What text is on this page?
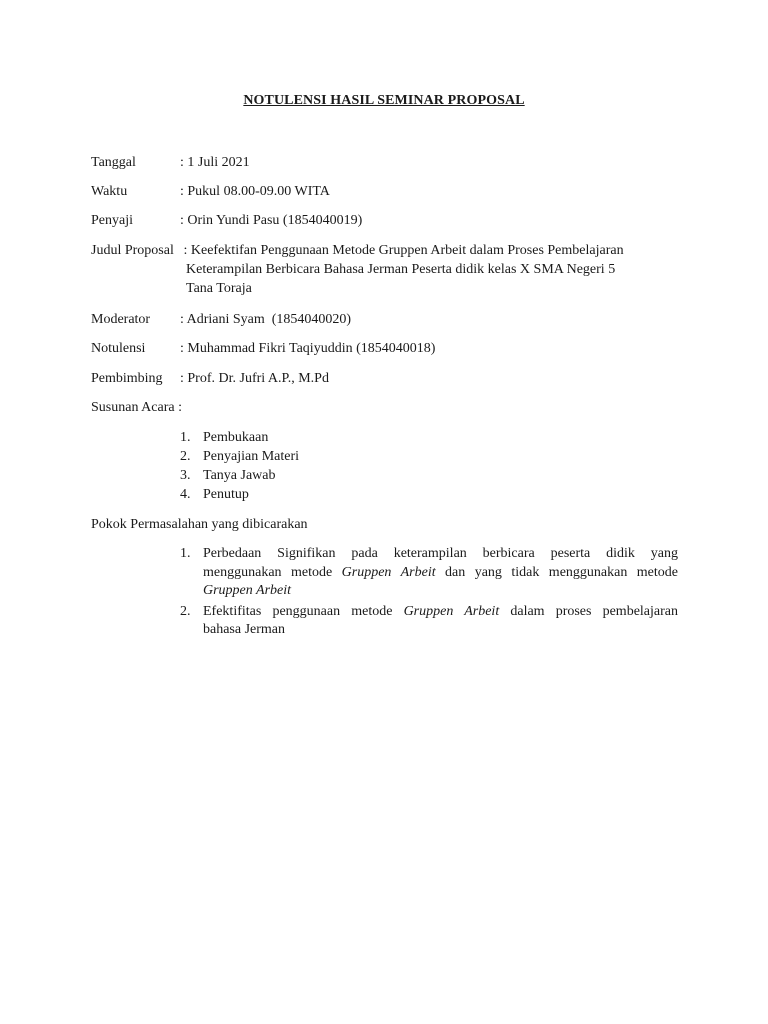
NOTULENSI HASIL SEMINAR PROPOSAL
Tanggal	: 1 Juli 2021
Waktu	: Pukul 08.00-09.00 WITA
Penyaji	: Orin Yundi Pasu (1854040019)
Judul Proposal : Keefektifan Penggunaan Metode Gruppen Arbeit dalam Proses Pembelajaran
Keterampilan Berbicara Bahasa Jerman Peserta didik kelas X SMA Negeri 5
Tana Toraja
Moderator : Adriani Syam  (1854040020)
Notulensi : Muhammad Fikri Taqiyuddin (1854040018)
Pembimbing : Prof. Dr. Jufri A.P., M.Pd
Susunan Acara :
1. Pembukaan
2. Penyajian Materi
3. Tanya Jawab
4. Penutup
Pokok Permasalahan yang dibicarakan
1. Perbedaan Signifikan pada keterampilan berbicara peserta didik yang
menggunakan metode Gruppen Arbeit dan yang tidak menggunakan metode
Gruppen Arbeit
2. Efektifitas penggunaan metode Gruppen Arbeit dalam proses pembelajaran
bahasa Jerman
